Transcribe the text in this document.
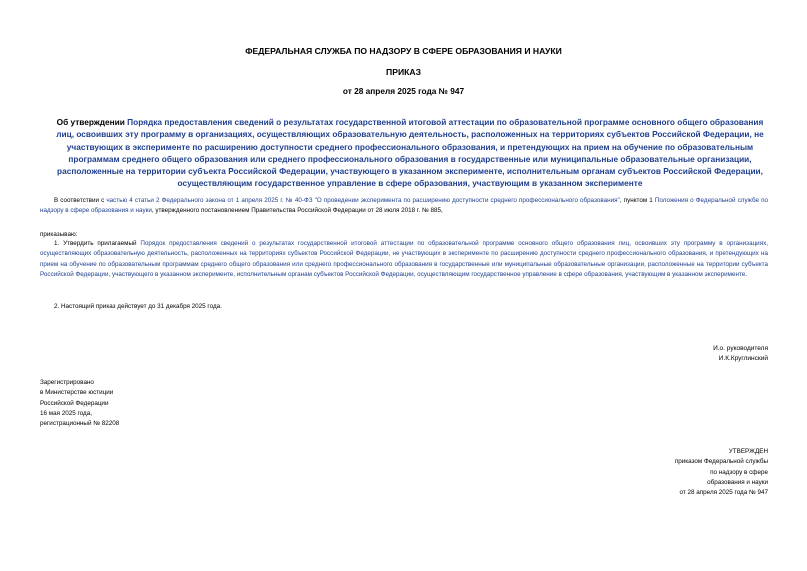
ФЕДЕРАЛЬНАЯ СЛУЖБА ПО НАДЗОРУ В СФЕРЕ ОБРАЗОВАНИЯ И НАУКИ
ПРИКАЗ
от 28 апреля 2025 года № 947
Об утверждении Порядка предоставления сведений о результатах государственной итоговой аттестации по образовательной программе основного общего образования лиц, освоивших эту программу в организациях, осуществляющих образовательную деятельность, расположенных на территориях субъектов Российской Федерации, не участвующих в эксперименте по расширению доступности среднего профессионального образования, и претендующих на прием на обучение по образовательным программам среднего общего образования или среднего профессионального образования в государственные или муниципальные образовательные организации, расположенные на территории субъекта Российской Федерации, участвующего в указанном эксперименте, исполнительным органам субъектов Российской Федерации, осуществляющим государственное управление в сфере образования, участвующим в указанном эксперименте
В соответствии с частью 4 статьи 2 Федерального закона от 1 апреля 2025 г. № 40-ФЗ "О проведении эксперимента по расширению доступности среднего профессионального образования", пунктом 1 Положения о Федеральной службе по надзору в сфере образования и науки, утвержденного постановлением Правительства Российской Федерации от 28 июля 2018 г. № 885,
приказываю:
1. Утвердить прилагаемый Порядок предоставления сведений о результатах государственной итоговой аттестации по образовательной программе основного общего образования лиц, освоивших эту программу в организациях, осуществляющих образовательную деятельность, расположенных на территориях субъектов Российской Федерации, не участвующих в эксперименте по расширению доступности среднего профессионального образования, и претендующих на прием на обучение по образовательным программам среднего общего образования или среднего профессионального образования в государственные или муниципальные образовательные организации, расположенные на территории субъекта Российской Федерации, участвующего в указанном эксперименте, исполнительным органам субъектов Российской Федерации, осуществляющим государственное управление в сфере образования, участвующим в указанном эксперименте.
2. Настоящий приказ действует до 31 декабря 2025 года.
И.о. руководителя
И.К.Круглинский
Зарегистрировано
в Министерстве юстиции
Российской Федерации
16 мая 2025 года,
регистрационный № 82208
УТВЕРЖДЕН
приказом Федеральной службы
по надзору в сфере
образования и науки
от 28 апреля 2025 года № 947
